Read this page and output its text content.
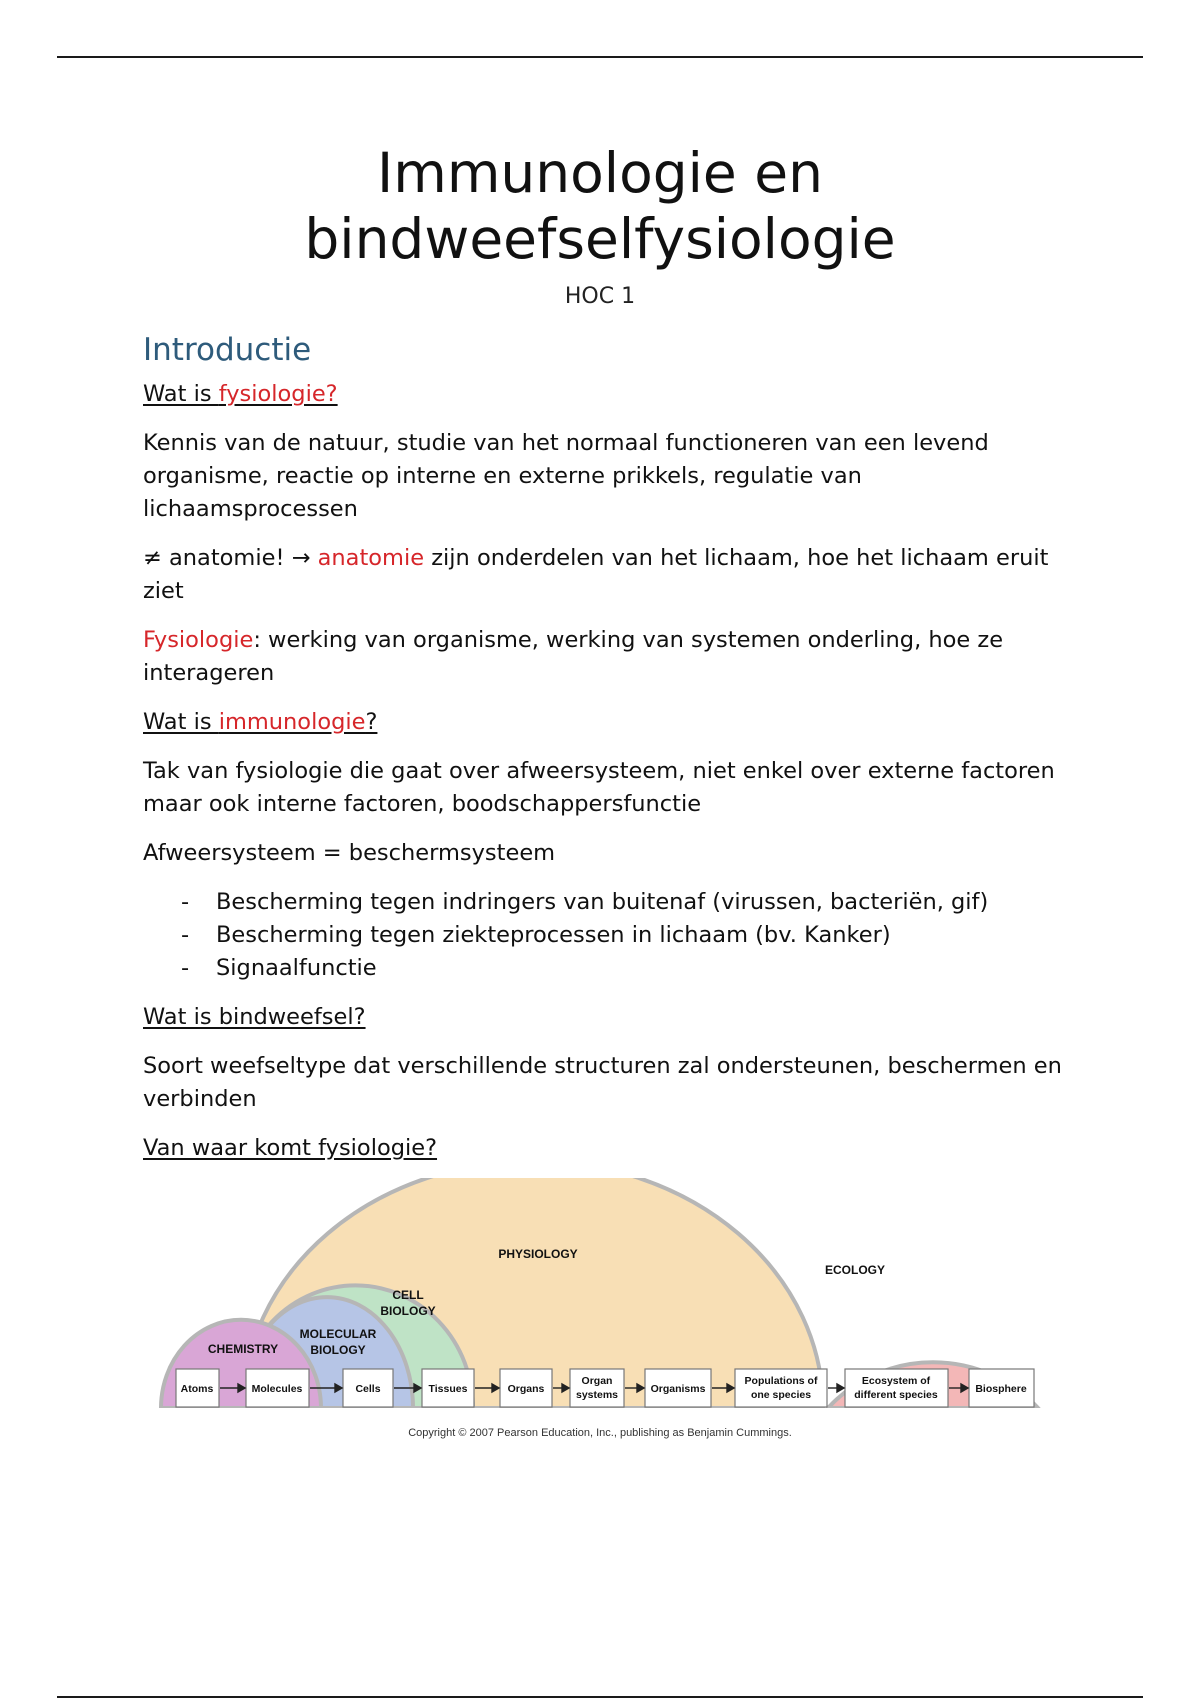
Immunologie en
bindweefselfysiologie
HOC 1
Introductie
Wat is fysiologie?
Kennis van de natuur, studie van het normaal functioneren van een levend organisme, reactie op interne en externe prikkels, regulatie van lichaamsprocessen
≠ anatomie! → anatomie zijn onderdelen van het lichaam, hoe het lichaam eruit ziet
Fysiologie: werking van organisme, werking van systemen onderling, hoe ze interageren
Wat is immunologie?
Tak van fysiologie die gaat over afweersysteem, niet enkel over externe factoren maar ook interne factoren, boodschappersfunctie
Afweersysteem = beschermsysteem
- Bescherming tegen indringers van buitenaf (virussen, bacteriën, gif)
- Bescherming tegen ziekteprocessen in lichaam (bv. Kanker)
- Signaalfunctie
Wat is bindweefsel?
Soort weefseltype dat verschillende structuren zal ondersteunen, beschermen en verbinden
Van waar komt fysiologie?
CHEMISTRY
MOLECULAR
BIOLOGY
CELL
BIOLOGY
PHYSIOLOGY
ECOLOGY
Atoms	Molecules	Cells	Tissues	Organs
Organ
systems	Organisms
Populations of
one species
Ecosystem of
different species	Biosphere
Copyright © 2007 Pearson Education, Inc., publishing as Benjamin Cummings.
